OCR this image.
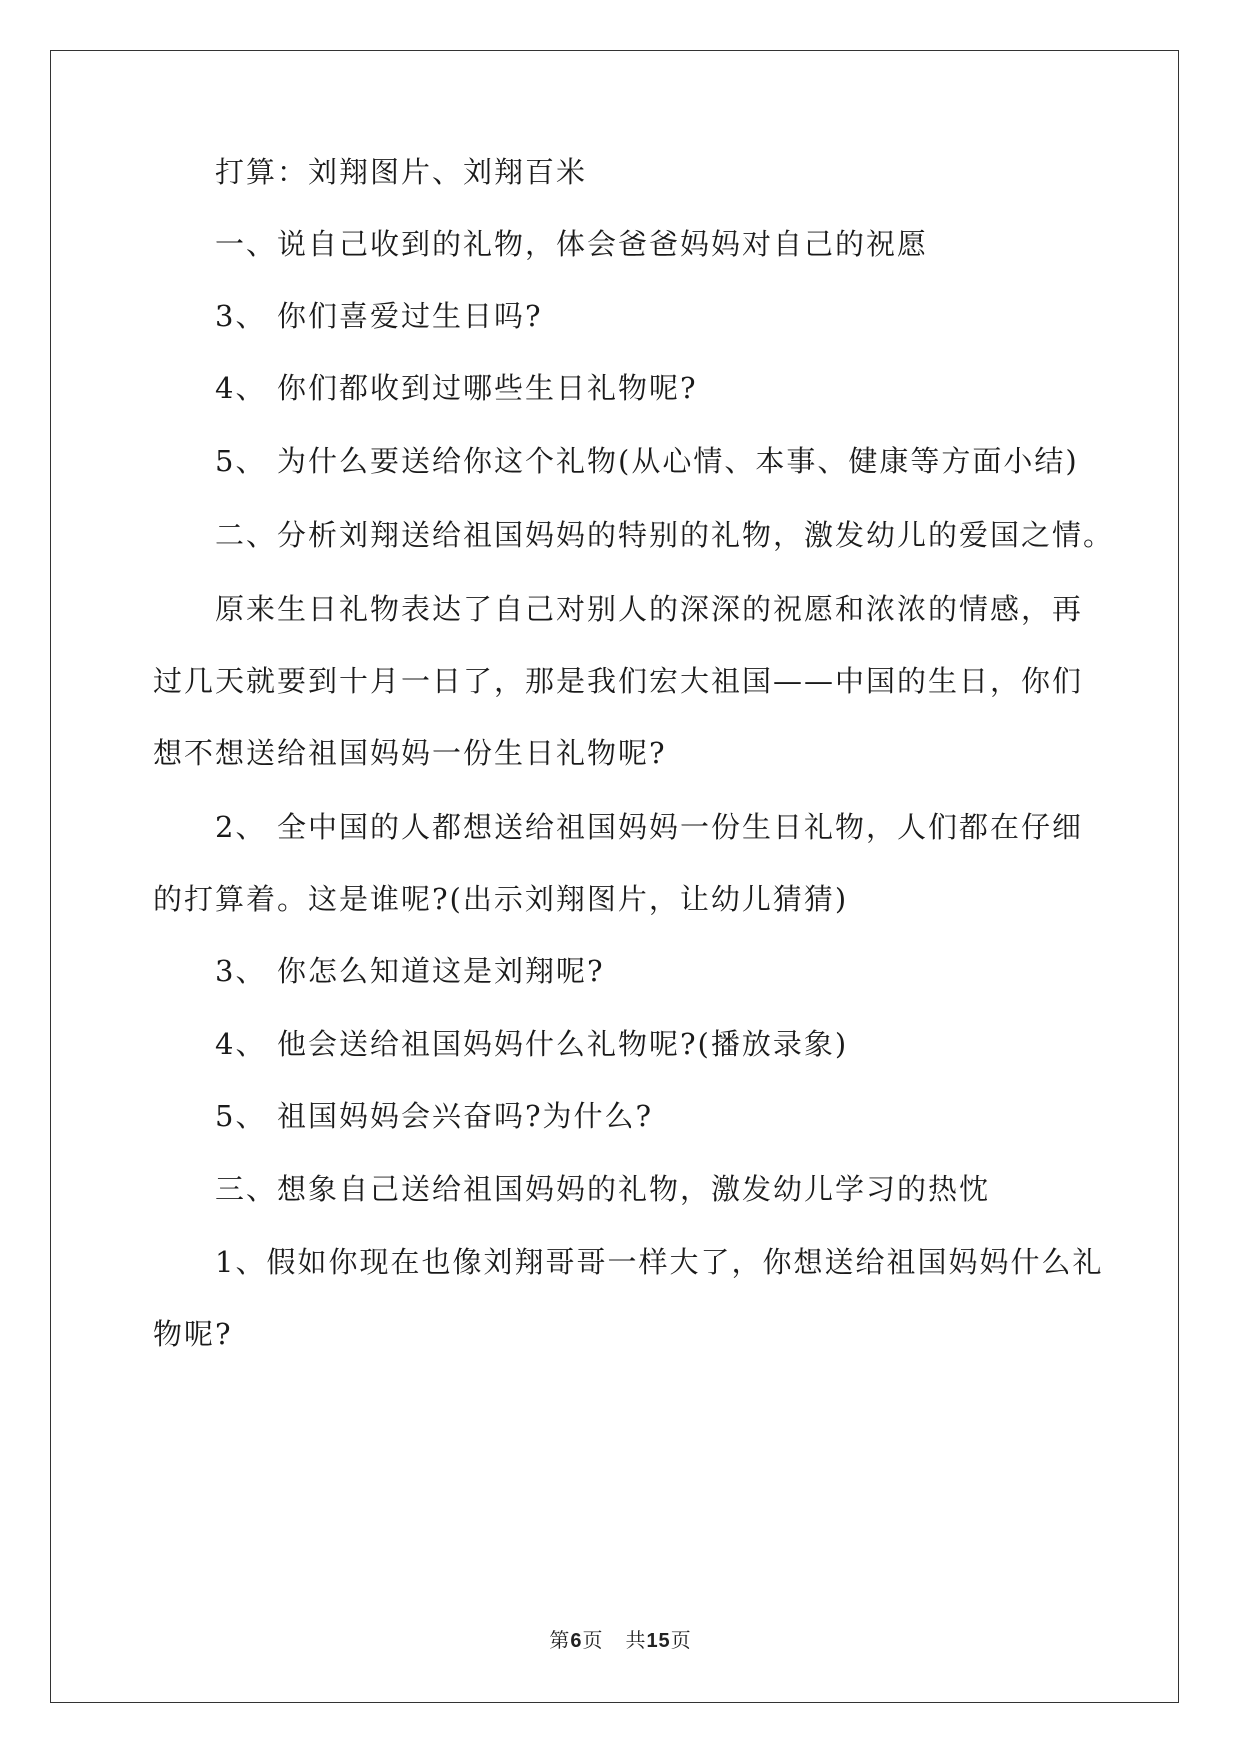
打算：刘翔图片、刘翔百米
一、说自己收到的礼物，体会爸爸妈妈对自己的祝愿
3、 你们喜爱过生日吗?
4、 你们都收到过哪些生日礼物呢?
5、 为什么要送给你这个礼物(从心情、本事、健康等方面小结)
二、分析刘翔送给祖国妈妈的特别的礼物，激发幼儿的爱国之情。
原来生日礼物表达了自己对别人的深深的祝愿和浓浓的情感，再
过几天就要到十月一日了，那是我们宏大祖国——中国的生日，你们
想不想送给祖国妈妈一份生日礼物呢?
2、 全中国的人都想送给祖国妈妈一份生日礼物，人们都在仔细
的打算着。这是谁呢?(出示刘翔图片，让幼儿猜猜)
3、 你怎么知道这是刘翔呢?
4、 他会送给祖国妈妈什么礼物呢?(播放录象)
5、 祖国妈妈会兴奋吗?为什么?
三、想象自己送给祖国妈妈的礼物，激发幼儿学习的热忱
1、假如你现在也像刘翔哥哥一样大了，你想送给祖国妈妈什么礼
物呢?
第6页 共15页
